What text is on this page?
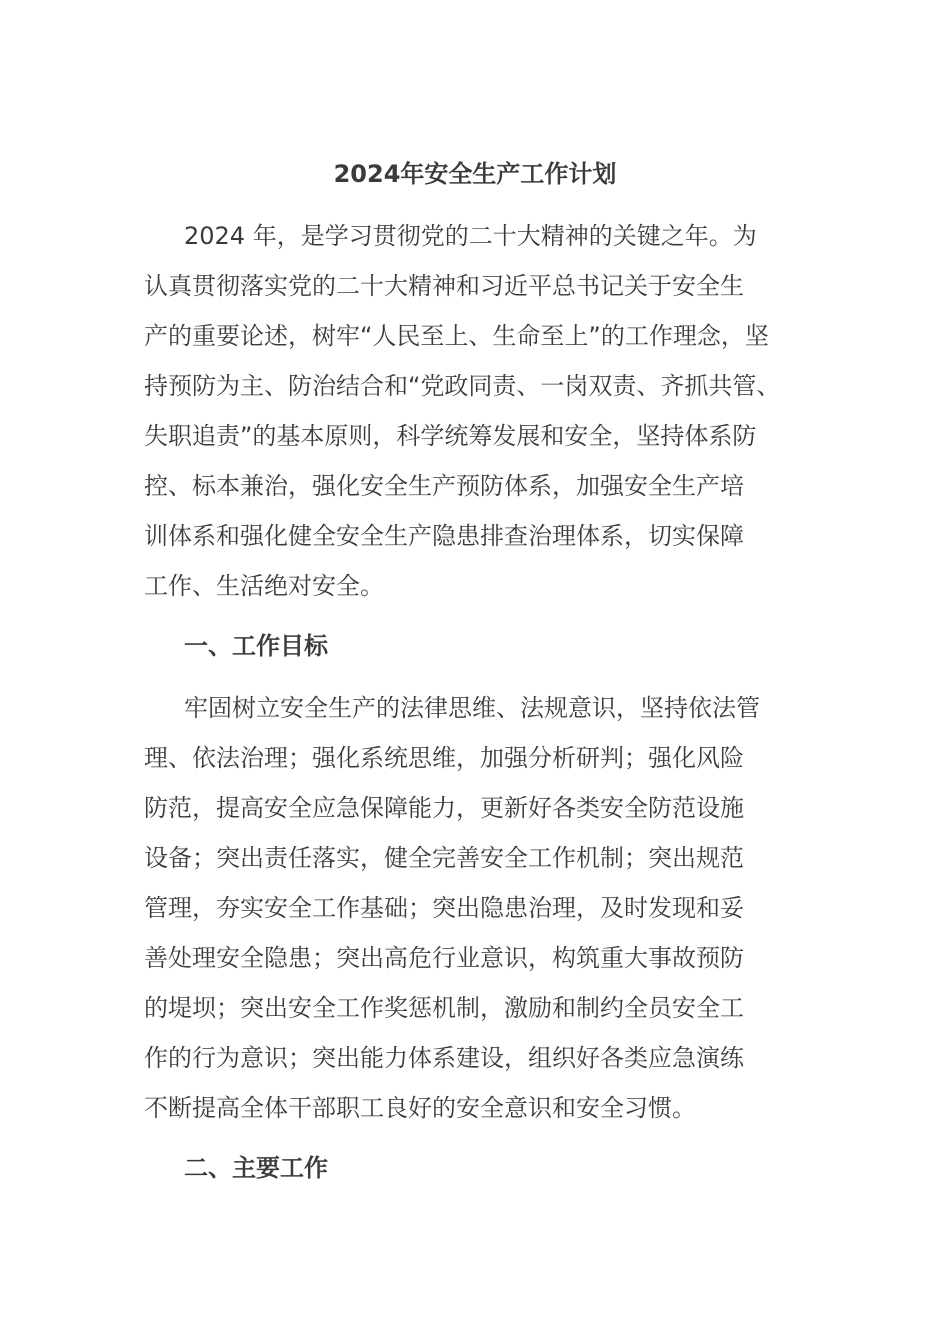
2024年安全生产工作计划
2024 年，是学习贯彻党的二十大精神的关键之年。为
认真贯彻落实党的二十大精神和习近平总书记关于安全生
产的重要论述，树牢“人民至上、生命至上”的工作理念，坚
持预防为主、防治结合和“党政同责、一岗双责、齐抓共管、
失职追责”的基本原则，科学统筹发展和安全，坚持体系防
控、标本兼治，强化安全生产预防体系，加强安全生产培
训体系和强化健全安全生产隐患排查治理体系，切实保障
工作、生活绝对安全。
一、工作目标
牢固树立安全生产的法律思维、法规意识，坚持依法管
理、依法治理；强化系统思维，加强分析研判；强化风险
防范，提高安全应急保障能力，更新好各类安全防范设施
设备；突出责任落实，健全完善安全工作机制；突出规范
管理，夯实安全工作基础；突出隐患治理，及时发现和妥
善处理安全隐患；突出高危行业意识，构筑重大事故预防
的堤坝；突出安全工作奖惩机制，激励和制约全员安全工
作的行为意识；突出能力体系建设，组织好各类应急演练
不断提高全体干部职工良好的安全意识和安全习惯。
二、主要工作
